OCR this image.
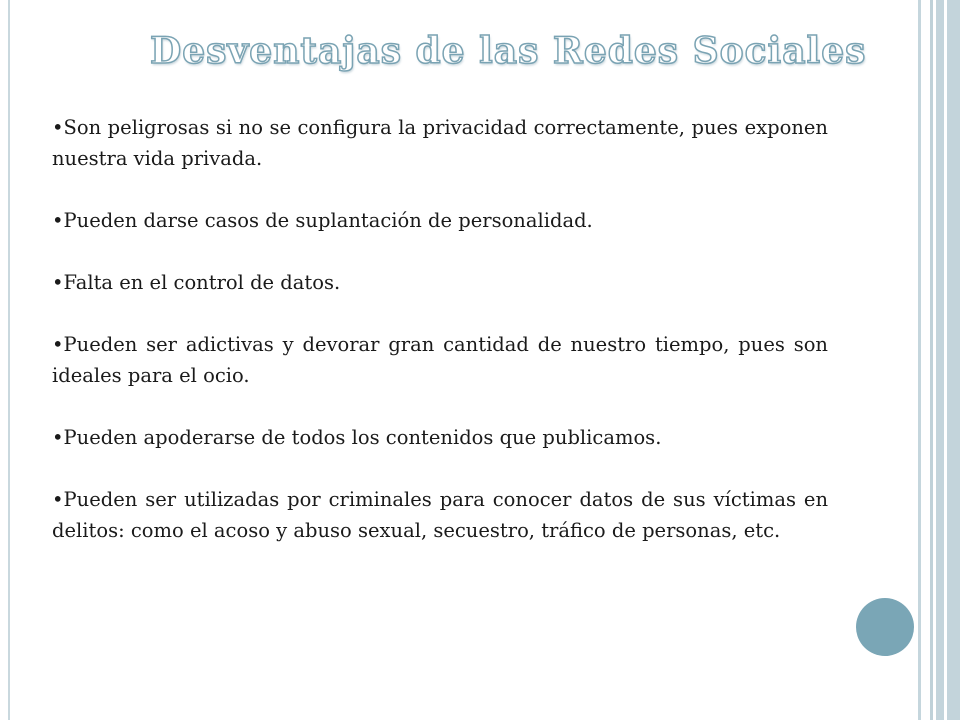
Desventajas de las Redes Sociales

•Son peligrosas si no se configura la privacidad correctamente, pues exponen nuestra vida privada.

•Pueden darse casos de suplantación de personalidad.

•Falta en el control de datos.

•Pueden ser adictivas y devorar gran cantidad de nuestro tiempo, pues son ideales para el ocio.

•Pueden apoderarse de todos los contenidos que publicamos.

•Pueden ser utilizadas por criminales para conocer datos de sus víctimas en delitos: como el acoso y abuso sexual, secuestro, tráfico de personas, etc.
